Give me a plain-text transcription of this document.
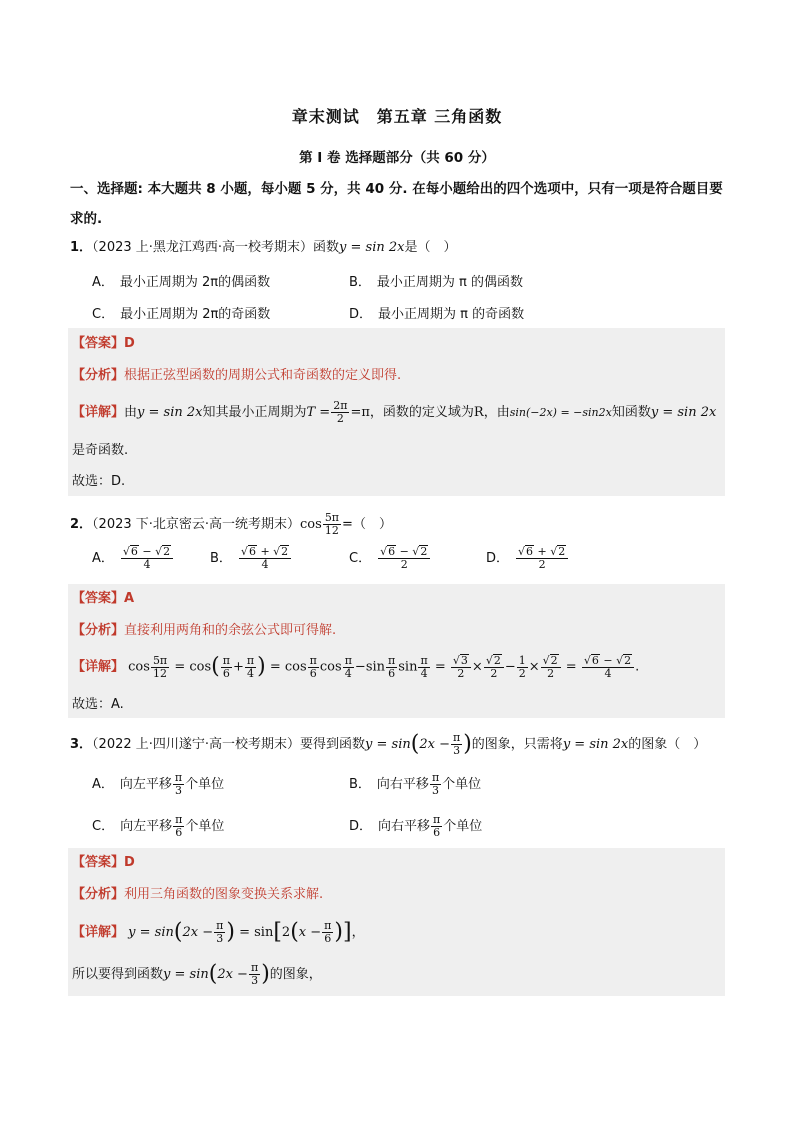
章末测试　第五章 三角函数
第 I 卷 选择题部分（共 60 分）
一、选择题: 本大题共 8 小题，每小题 5 分，共 40 分. 在每小题给出的四个选项中，只有一项是符合题目要求的.
1．（2023 上·黑龙江鸡西·高一校考期末）函数y = sin 2x是（　）
A． 最小正周期为 2π的偶函数	B． 最小正周期为 π 的偶函数
C． 最小正周期为 2π的奇函数	D． 最小正周期为 π 的奇函数
【答案】D
【分析】根据正弦型函数的周期公式和奇函数的定义即得.
【详解】由y = sin 2x知其最小正周期为$T = \frac{2\pi}{2} =\pi$，函数的定义域为R，由sin(−2x) = −sin2x知函数y = sin 2x
是奇函数.
故选：D.
2．（2023 下·北京密云·高一统考期末）$\cos \frac{5\pi}{12}$ =（　）
A． $\frac{√6 - √2}{4}$	B． $\frac{√6 + √2}{4}$	C． $\frac{√6 - √2}{2}$	D． $\frac{√6 + √2}{2}$
【答案】A
【分析】直接利用两角和的余弦公式即可得解.
【详解】 $\cos \frac{5\pi}{12} = \cos( \frac{\pi}{6} + \frac{\pi}{4}$ ) = $\cos \frac{\pi}{6}$ $\cos \frac{\pi}{4} -\sin \frac{\pi}{6}$ $\sin \frac{\pi}{4} = \frac{√3}{2} \times \frac{√2}{2} - \frac{1}{2} \times \frac{√2}{2} = \frac{√6 - √2}{4}$ .
故选：A.
3．（2022 上·四川遂宁·高一校考期末）要得到函数$y = \sin(2x - \frac{\pi}{3}$ )的图象，只需将y = sin 2x的图象（　）
A． 向左平移 $\frac{\pi}{3}$ 个单位	B． 向右平移 $\frac{\pi}{3}$ 个单位
C． 向左平移 $\frac{\pi}{6}$ 个单位	D． 向右平移 $\frac{\pi}{6}$ 个单位
【答案】D
【分析】利用三角函数的图象变换关系求解.
【详解】 $y = \sin(2x - \frac{\pi}{3}$ ) = $\sin[2(x - \frac{\pi}{6}$ )]，
所以要得到函数$y = \sin(2x - \frac{\pi}{3}$ )的图象，
